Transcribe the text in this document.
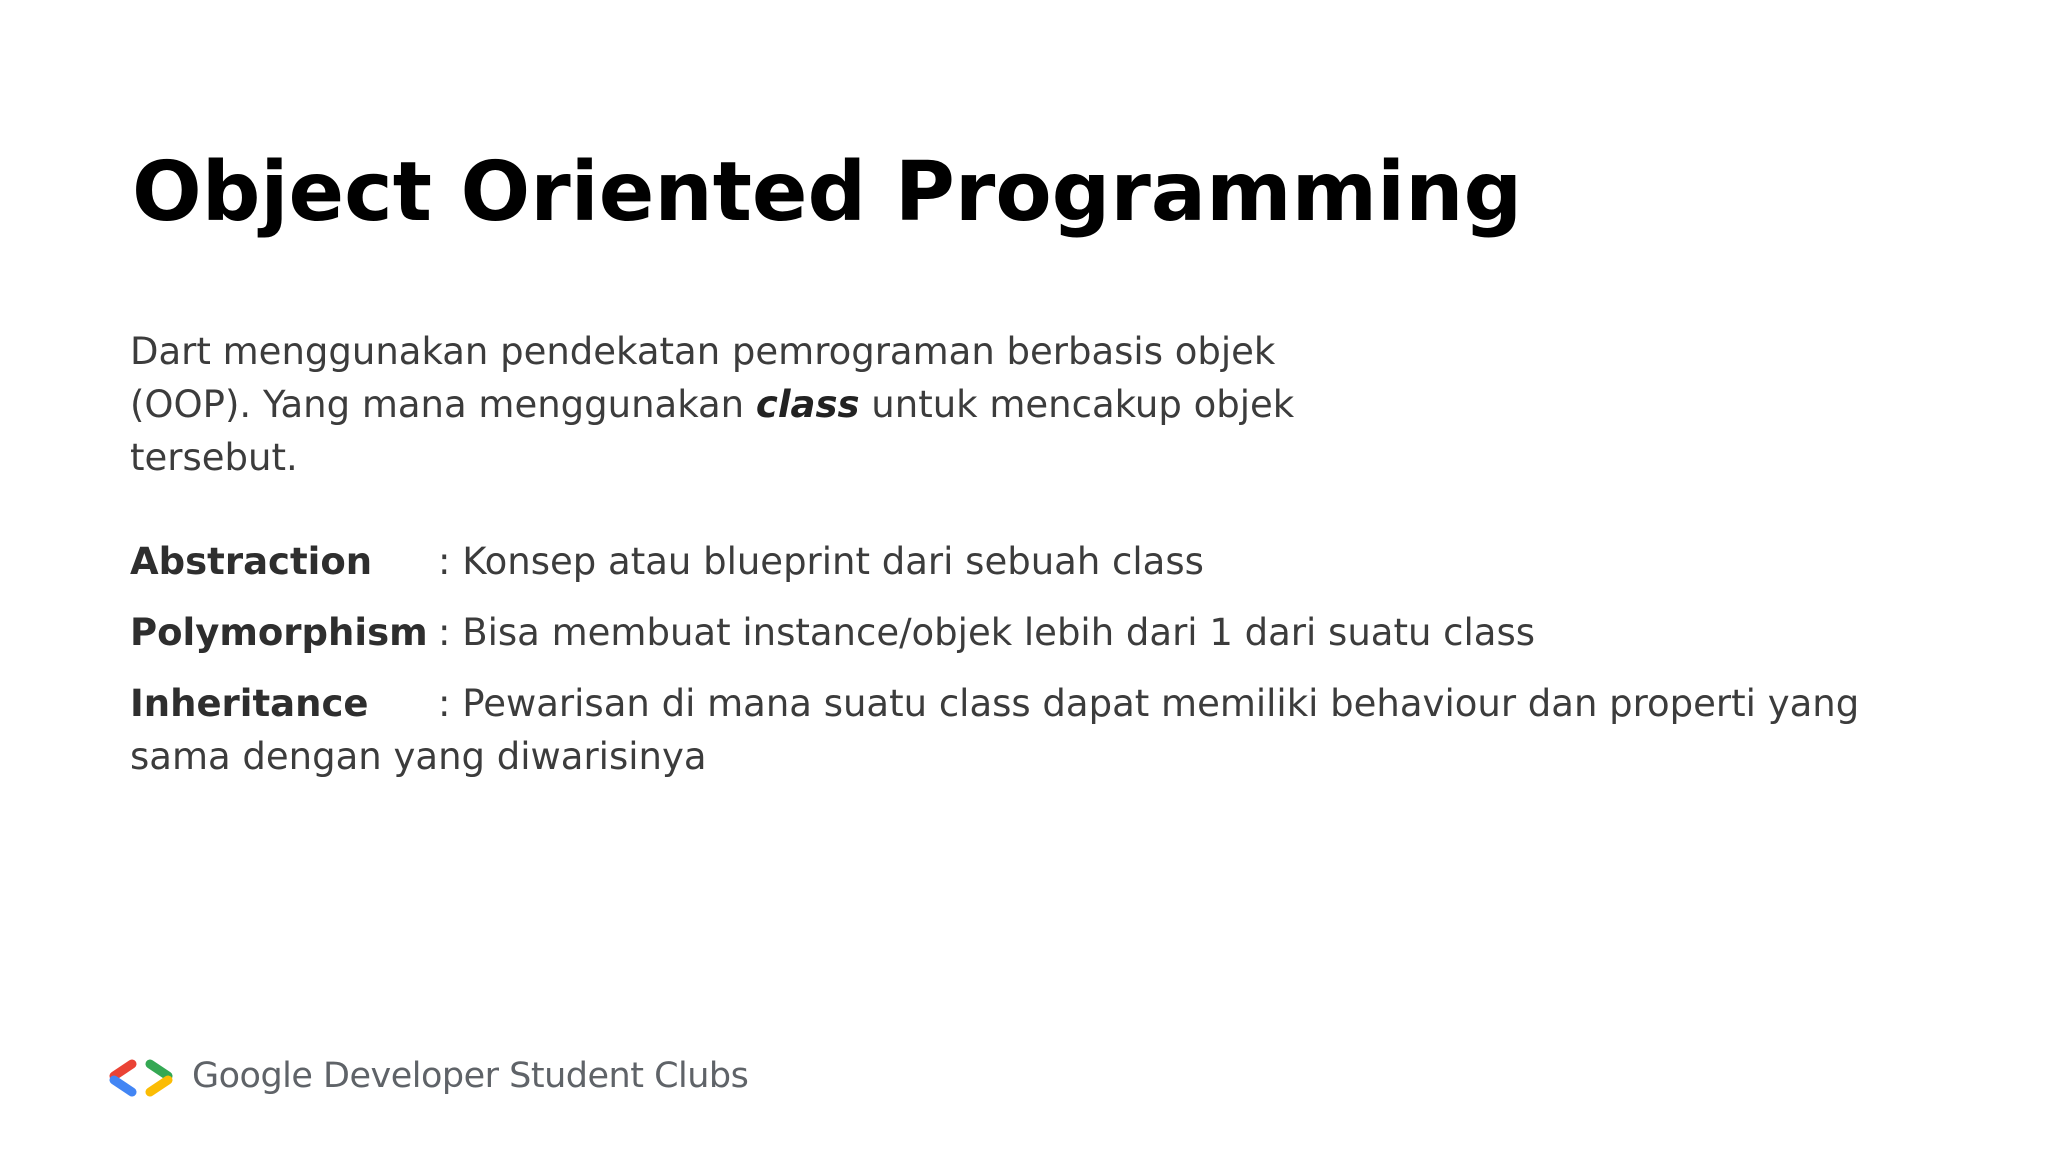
Object Oriented Programming

Dart menggunakan pendekatan pemrograman berbasis objek (OOP). Yang mana menggunakan class untuk mencakup objek tersebut.

Abstraction : Konsep atau blueprint dari sebuah class
Polymorphism : Bisa membuat instance/objek lebih dari 1 dari suatu class
Inheritance : Pewarisan di mana suatu class dapat memiliki behaviour dan properti yang sama dengan yang diwarisinya
Google Developer Student Clubs
